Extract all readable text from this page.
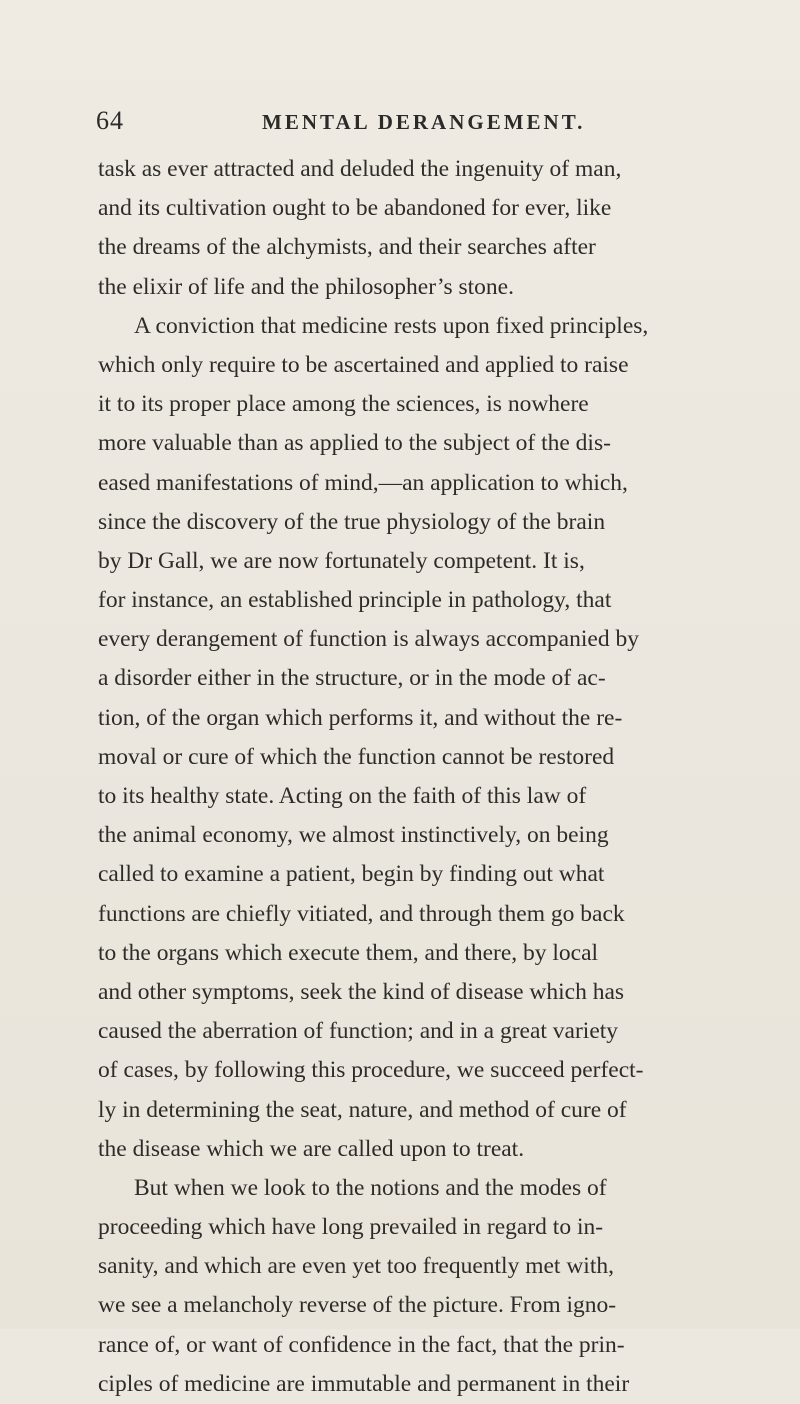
64	MENTAL DERANGEMENT.
task as ever attracted and deluded the ingenuity of man,
and its cultivation ought to be abandoned for ever, like
the dreams of the alchymists, and their searches after
the elixir of life and the philosopher’s stone.
A conviction that medicine rests upon fixed principles,
which only require to be ascertained and applied to raise
it to its proper place among the sciences, is nowhere
more valuable than as applied to the subject of the dis-
eased manifestations of mind,—an application to which,
since the discovery of the true physiology of the brain
by Dr Gall, we are now fortunately competent. It is,
for instance, an established principle in pathology, that
every derangement of function is always accompanied by
a disorder either in the structure, or in the mode of ac-
tion, of the organ which performs it, and without the re-
moval or cure of which the function cannot be restored
to its healthy state. Acting on the faith of this law of
the animal economy, we almost instinctively, on being
called to examine a patient, begin by finding out what
functions are chiefly vitiated, and through them go back
to the organs which execute them, and there, by local
and other symptoms, seek the kind of disease which has
caused the aberration of function; and in a great variety
of cases, by following this procedure, we succeed perfect-
ly in determining the seat, nature, and method of cure of
the disease which we are called upon to treat.
But when we look to the notions and the modes of
proceeding which have long prevailed in regard to in-
sanity, and which are even yet too frequently met with,
we see a melancholy reverse of the picture. From igno-
rance of, or want of confidence in the fact, that the prin-
ciples of medicine are immutable and permanent in their
